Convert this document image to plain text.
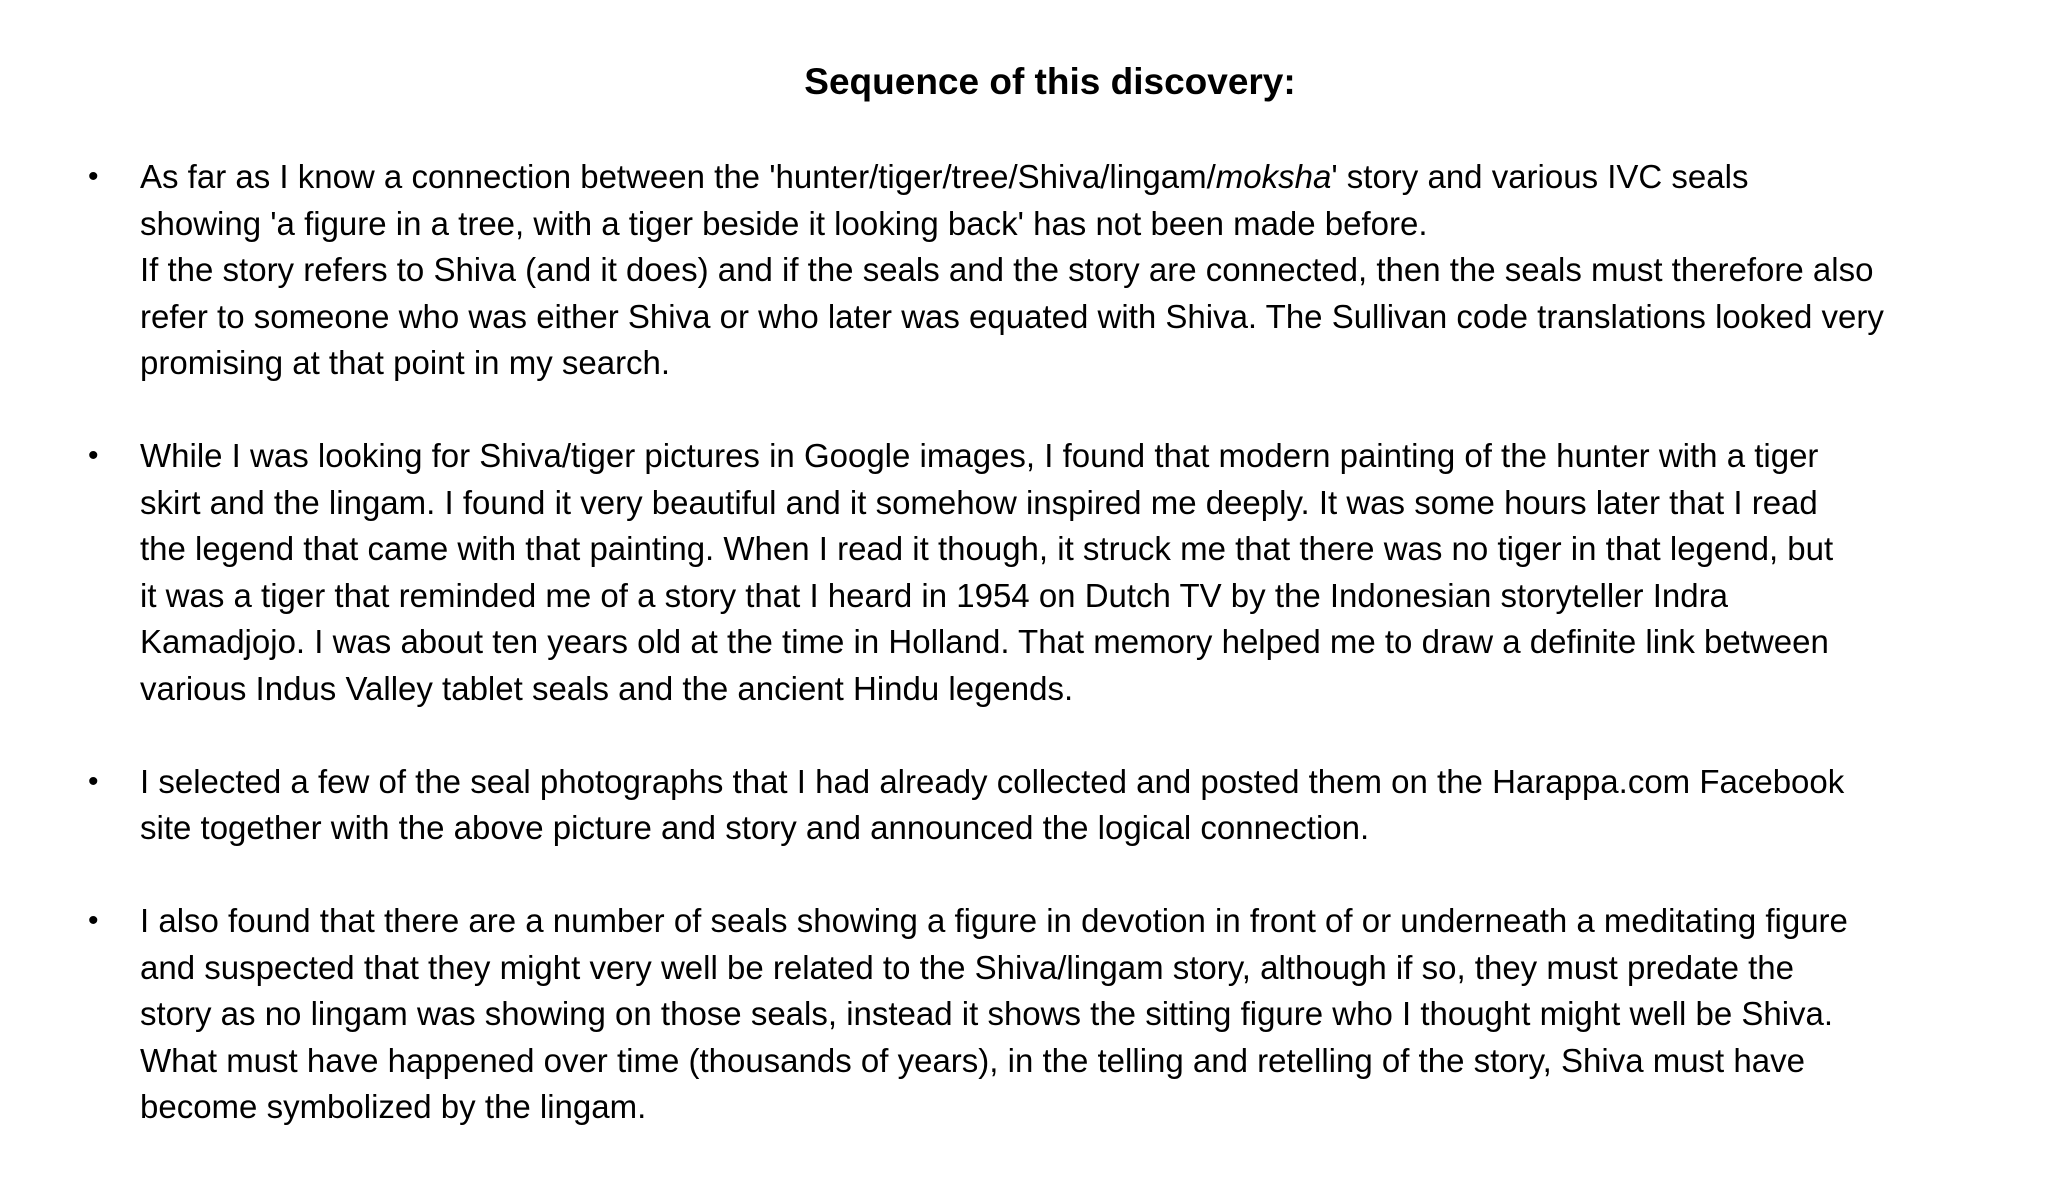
Sequence of this discovery:
• As far as I know a connection between the 'hunter/tiger/tree/Shiva/lingam/moksha' story and various IVC seals
showing 'a figure in a tree, with a tiger beside it looking back' has not been made before.
If the story refers to Shiva (and it does) and if the seals and the story are connected, then the seals must therefore also
refer to someone who was either Shiva or who later was equated with Shiva. The Sullivan code translations looked very
promising at that point in my search.
• While I was looking for Shiva/tiger pictures in Google images, I found that modern painting of the hunter with a tiger
skirt and the lingam. I found it very beautiful and it somehow inspired me deeply. It was some hours later that I read
the legend that came with that painting. When I read it though, it struck me that there was no tiger in that legend, but
it was a tiger that reminded me of a story that I heard in 1954 on Dutch TV by the Indonesian storyteller Indra
Kamadjojo. I was about ten years old at the time in Holland. That memory helped me to draw a definite link between
various Indus Valley tablet seals and the ancient Hindu legends.
• I selected a few of the seal photographs that I had already collected and posted them on the Harappa.com Facebook
site together with the above picture and story and announced the logical connection.
• I also found that there are a number of seals showing a figure in devotion in front of or underneath a meditating figure
and suspected that they might very well be related to the Shiva/lingam story, although if so, they must predate the
story as no lingam was showing on those seals, instead it shows the sitting figure who I thought might well be Shiva.
What must have happened over time (thousands of years), in the telling and retelling of the story, Shiva must have
become symbolized by the lingam.
